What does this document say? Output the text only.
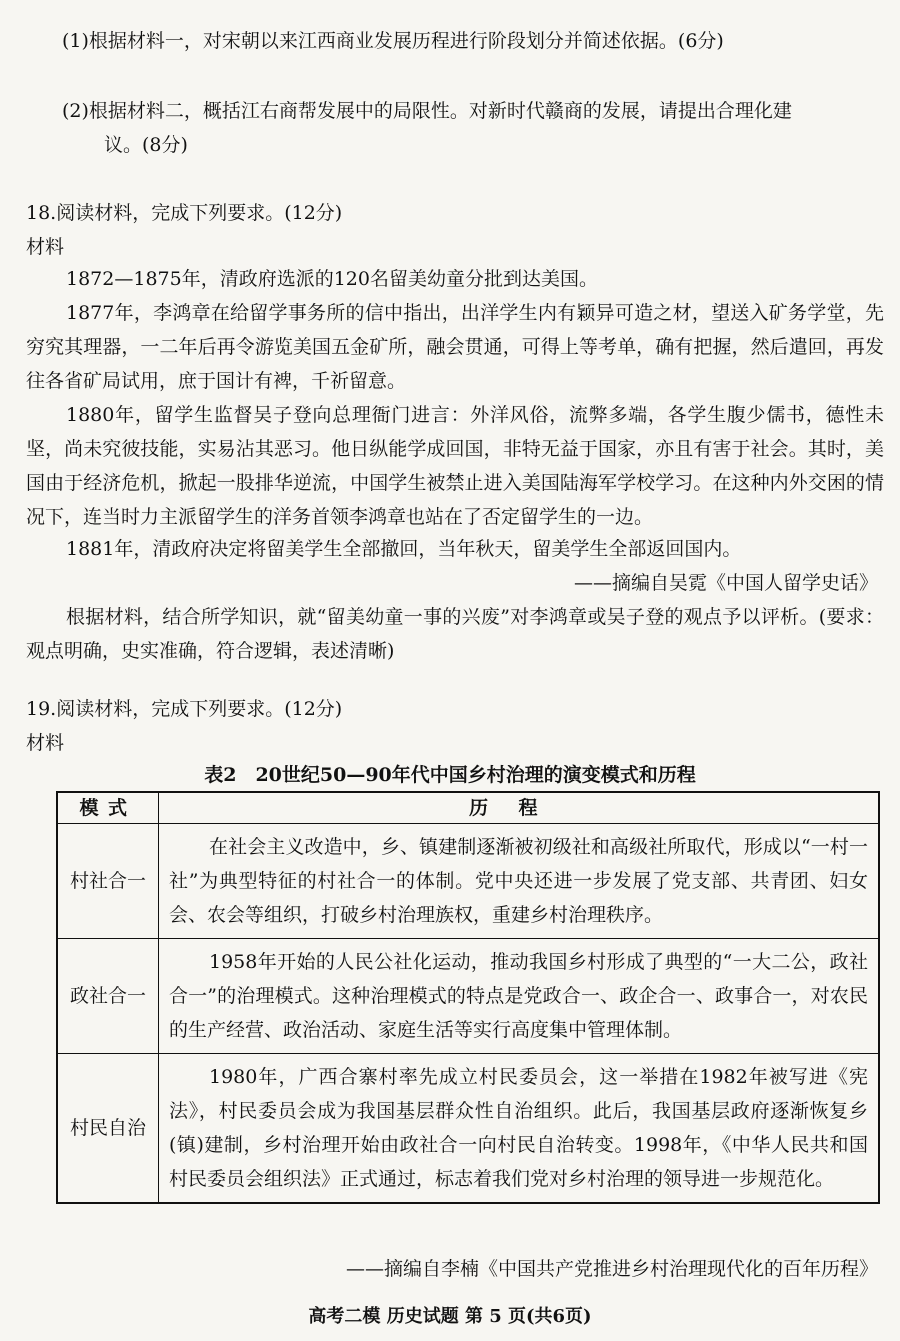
(1)根据材料一，对宋朝以来江西商业发展历程进行阶段划分并简述依据。(6分)
(2)根据材料二，概括江右商帮发展中的局限性。对新时代赣商的发展，请提出合理化建
议。(8分)
18.阅读材料，完成下列要求。(12分)
材料
1872—1875年，清政府选派的120名留美幼童分批到达美国。
1877年，李鸿章在给留学事务所的信中指出，出洋学生内有颖异可造之材，望送入矿务学堂，先穷究其理器，一二年后再令游览美国五金矿所，融会贯通，可得上等考单，确有把握，然后遣回，再发往各省矿局试用，庶于国计有裨，千祈留意。
1880年，留学生监督吴子登向总理衙门进言：外洋风俗，流弊多端，各学生腹少儒书，德性未坚，尚未究彼技能，实易沾其恶习。他日纵能学成回国，非特无益于国家，亦且有害于社会。其时，美国由于经济危机，掀起一股排华逆流，中国学生被禁止进入美国陆海军学校学习。在这种内外交困的情况下，连当时力主派留学生的洋务首领李鸿章也站在了否定留学生的一边。
1881年，清政府决定将留美学生全部撤回，当年秋天，留美学生全部返回国内。
——摘编自吴霓《中国人留学史话》
根据材料，结合所学知识，就“留美幼童一事的兴废”对李鸿章或吴子登的观点予以评析。(要求：观点明确，史实准确，符合逻辑，表述清晰)
19.阅读材料，完成下列要求。(12分)
材料
表2　20世纪50—90年代中国乡村治理的演变模式和历程
模式	历程
村社合一	在社会主义改造中，乡、镇建制逐渐被初级社和高级社所取代，形成以“一村一社”为典型特征的村社合一的体制。党中央还进一步发展了党支部、共青团、妇女会、农会等组织，打破乡村治理族权，重建乡村治理秩序。

政社合一	1958年开始的人民公社化运动，推动我国乡村形成了典型的“一大二公，政社合一”的治理模式。这种治理模式的特点是党政合一、政企合一、政事合一，对农民的生产经营、政治活动、家庭生活等实行高度集中管理体制。

村民自治	1980年，广西合寨村率先成立村民委员会，这一举措在1982年被写进《宪法》，村民委员会成为我国基层群众性自治组织。此后，我国基层政府逐渐恢复乡(镇)建制，乡村治理开始由政社合一向村民自治转变。1998年，《中华人民共和国村民委员会组织法》正式通过，标志着我们党对乡村治理的领导进一步规范化。
——摘编自李楠《中国共产党推进乡村治理现代化的百年历程》
高考二模 历史试题 第 5 页(共6页)
